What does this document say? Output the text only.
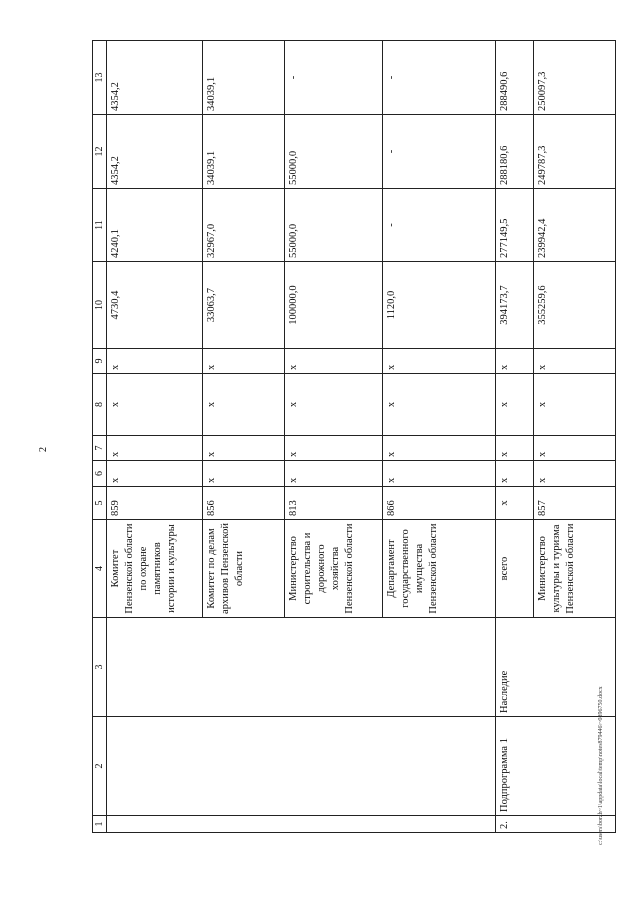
2
1	2	3	4	5	6	7	8	9	10	11	12	13
			Комитет Пензенской области по охране памятников истории и культуры	859	х	х	х	х	4730,4	4240,1	4354,2	4354,2
			Комитет по делам архивов Пензенской области	856	х	х	х	х	33063,7	32967,0	34039,1	34039,1
			Министерство строительства и дорожного хозяйства Пензенской области	813	х	х	х	х	100000,0	55000,0	55000,0	-
			Департамент государственного имущества Пензенской области	866	х	х	х	х	1120,0	-	-	-
2.	Подпрограмма 1	Наследие	всего	х	х	х	х	х	394173,7	277149,5	288180,6	288490,6
			Министерство культуры и туризма Пензенской области	857	х	х	х	х	355259,6	239942,4	249787,3	250097,3
c:\users\borzh~1\appdata\local\temp\notes879446\~0896750.docx
